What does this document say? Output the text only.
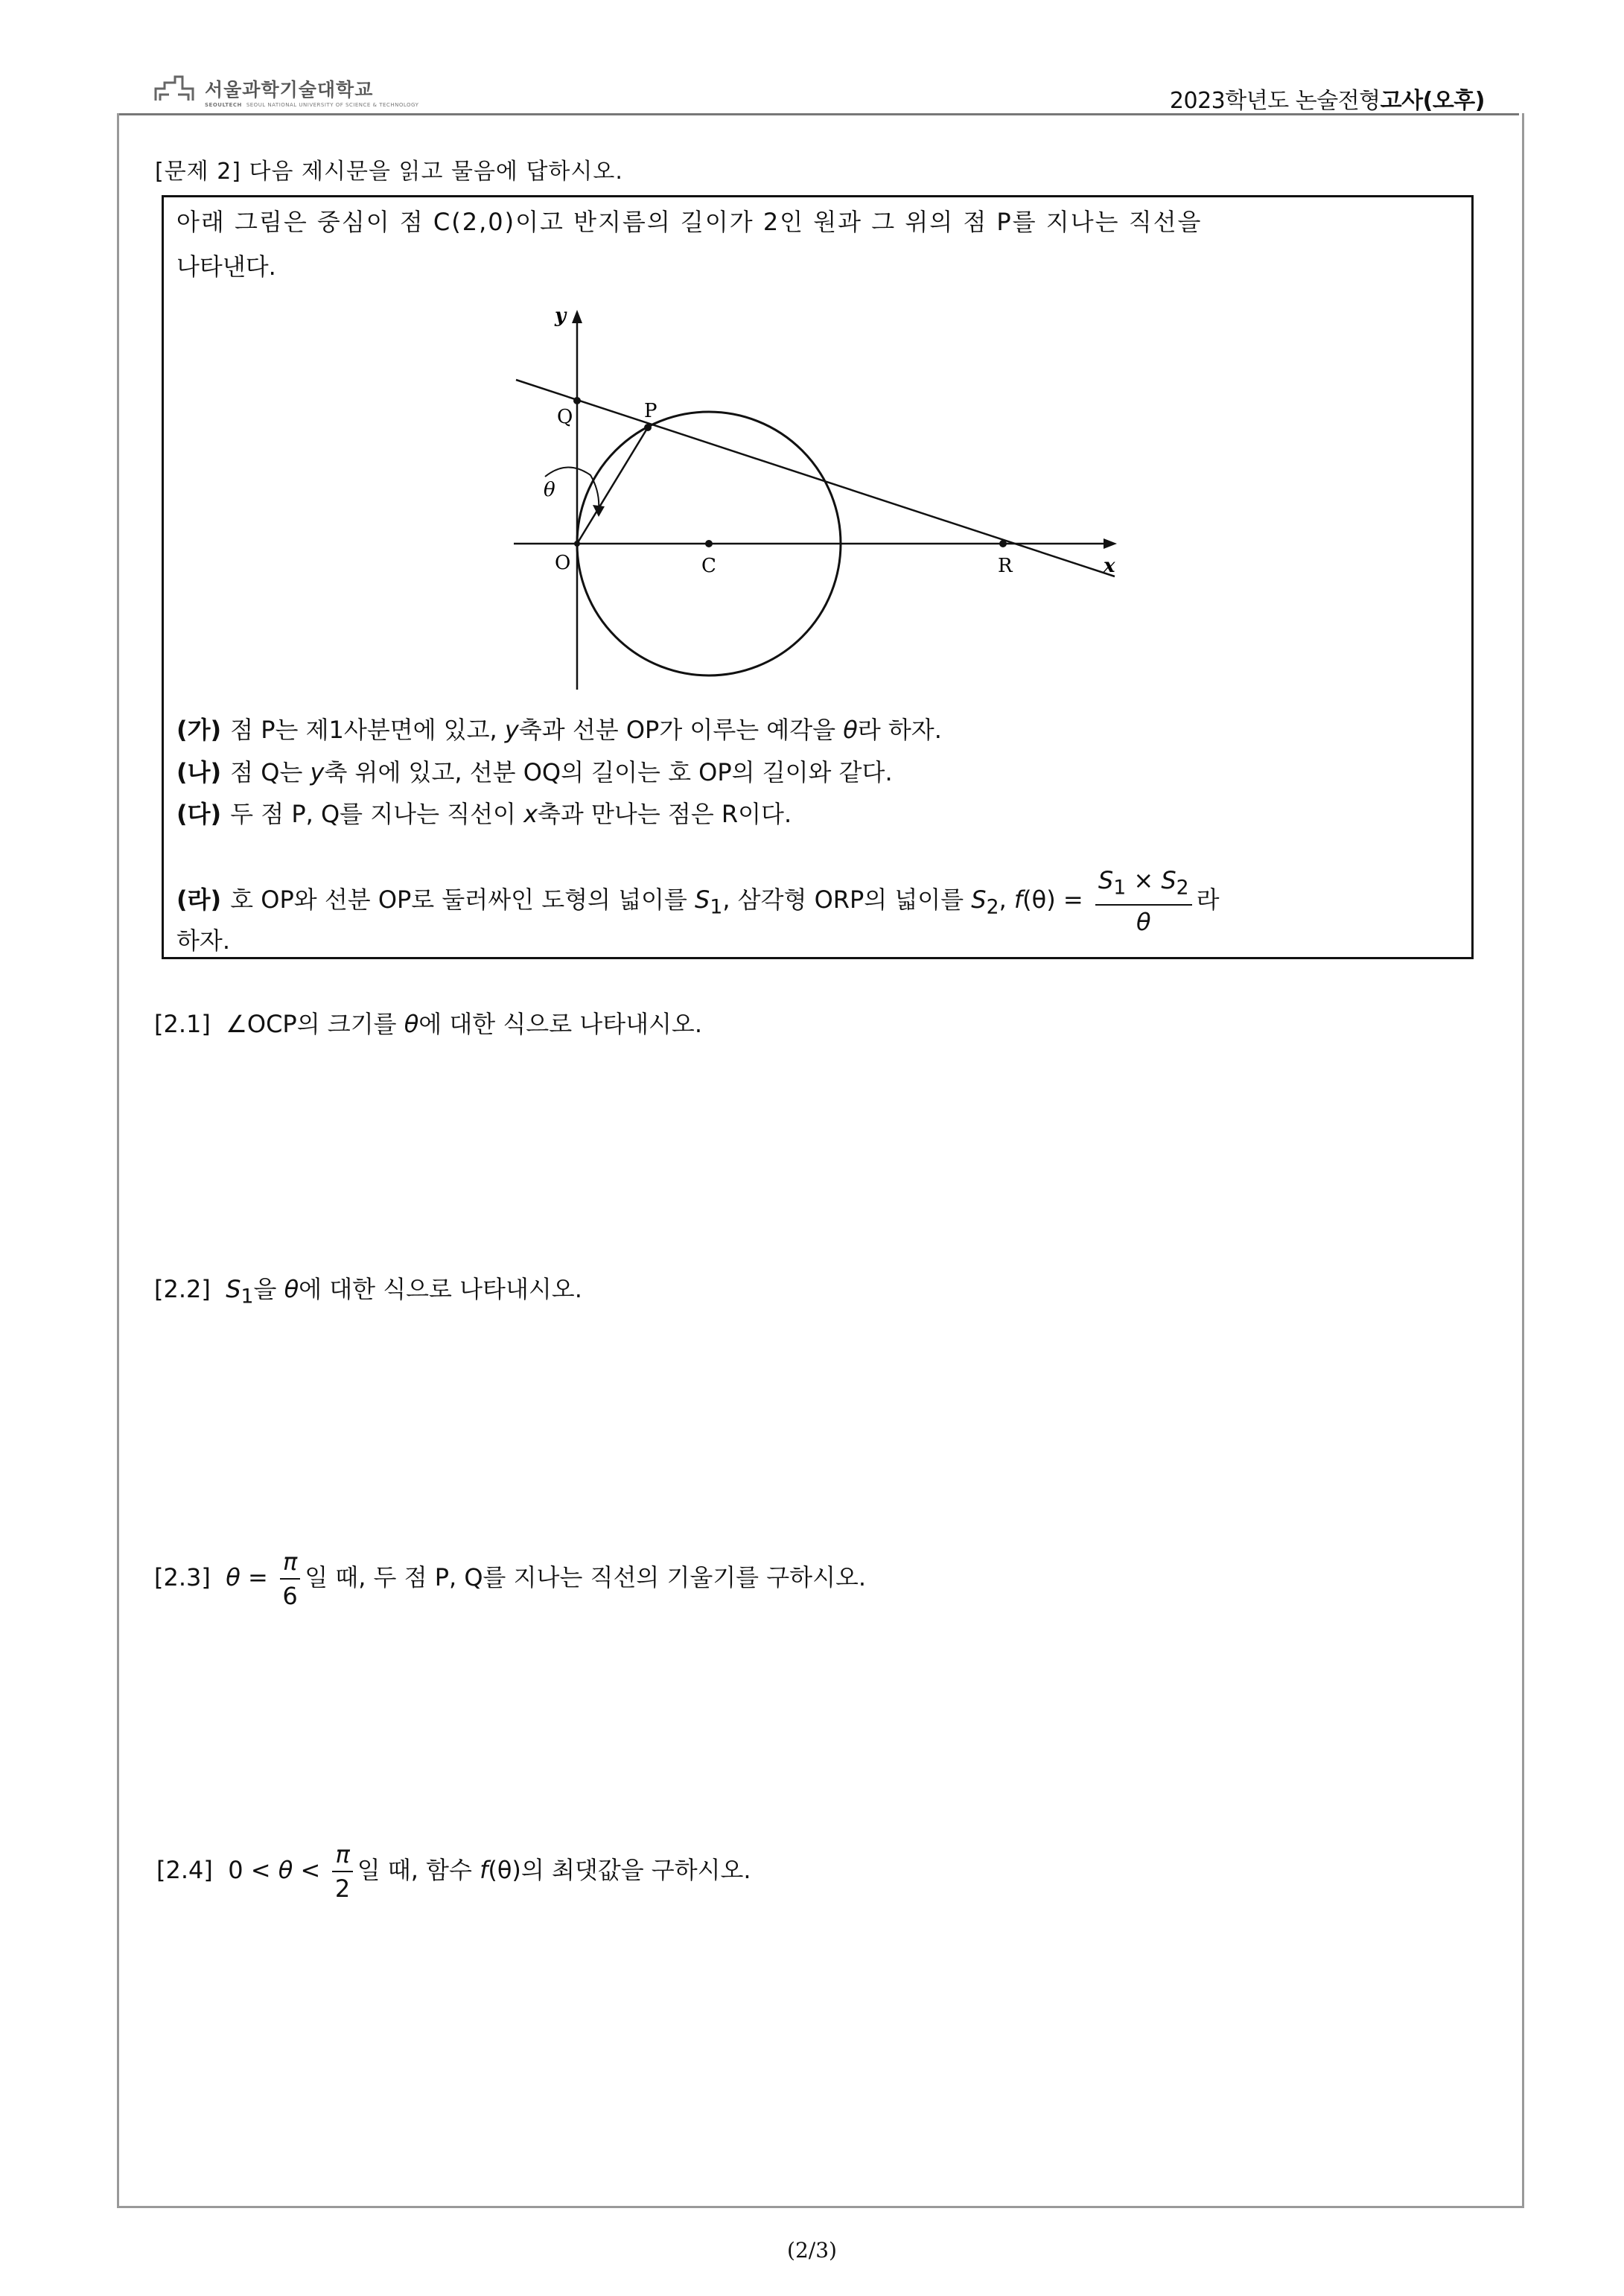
서울과학기술대학교
SEOULTECH SEOUL NATIONAL UNIVERSITY OF SCIENCE & TECHNOLOGY	2023학년도 논술전형고사(오후)
[문제 2] 다음 제시문을 읽고 물음에 답하시오.
아래 그림은 중심이 점 C(2,0)이고 반지름의 길이가 2인 원과 그 위의 점 P를 지나는 직선을
나타낸다.
y
x
Q	P
O	C	R
θ
(가) 점 P는 제1사분면에 있고, y축과 선분 OP가 이루는 예각을 θ라 하자.
(나) 점 Q는 y축 위에 있고, 선분 OQ의 길이는 호 OP의 길이와 같다.
(다) 두 점 P, Q를 지나는 직선이 x축과 만나는 점은 R이다.
(라) 호 OP와 선분 OP로 둘러싸인 도형의 넓이를 $S_1$, 삼각형 ORP의 넓이를 $S_2$, $f(\theta) = \frac{S_1 \times S_2}{\theta}$ 라
하자.
[2.1] ∠OCP의 크기를 θ에 대한 식으로 나타내시오.
[2.2] $S_1$을 θ에 대한 식으로 나타내시오.
[2.3] $\theta = \frac{\pi}{6}$ 일 때, 두 점 P, Q를 지나는 직선의 기울기를 구하시오.
[2.4] $0 < \theta < \frac{\pi}{2}$ 일 때, 함수 f(θ)의 최댓값을 구하시오.
(2/3)
